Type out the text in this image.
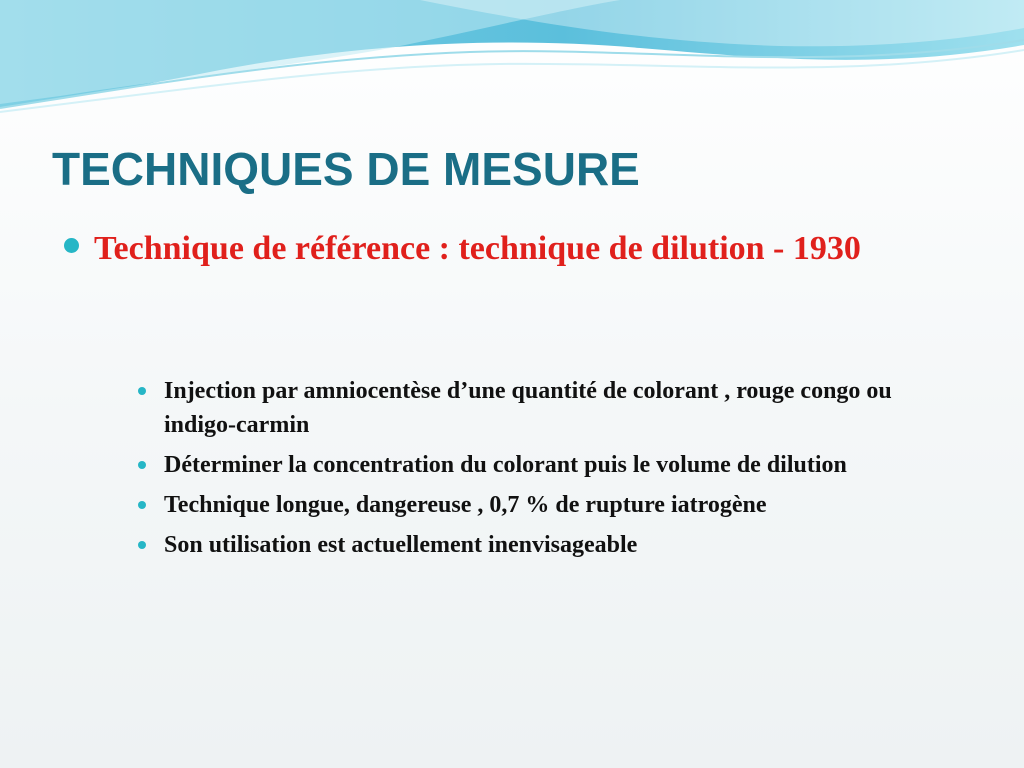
TECHNIQUES DE MESURE
Technique de référence : technique de dilution - 1930
Injection par amniocentèse d’une quantité de colorant , rouge congo ou indigo-carmin
Déterminer la concentration du colorant puis le volume de dilution
Technique longue, dangereuse , 0,7 % de rupture iatrogène
Son utilisation est actuellement inenvisageable
